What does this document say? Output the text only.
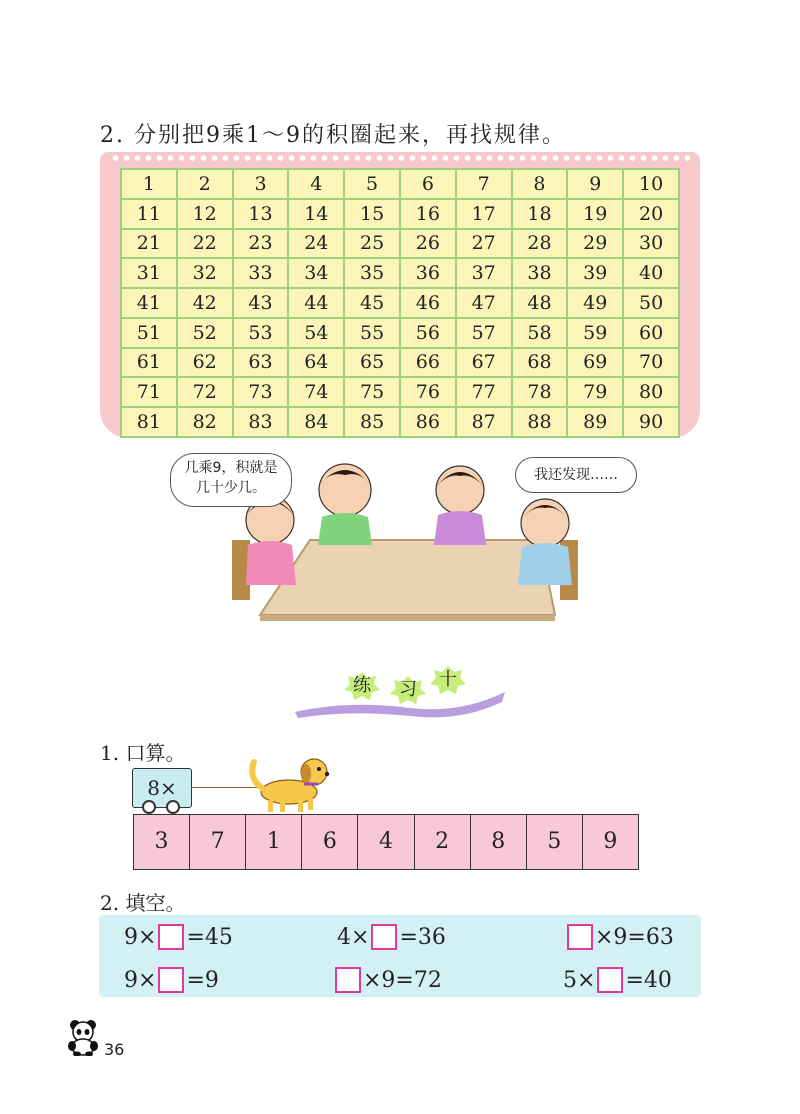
2. 分别把9乘1～9的积圈起来，再找规律。
1	2	3	4	5	6	7	8	9	10
11	12	13	14	15	16	17	18	19	20
21	22	23	24	25	26	27	28	29	30
31	32	33	34	35	36	37	38	39	40
41	42	43	44	45	46	47	48	49	50
51	52	53	54	55	56	57	58	59	60
61	62	63	64	65	66	67	68	69	70
71	72	73	74	75	76	77	78	79	80
81	82	83	84	85	86	87	88	89	90
几乘9，积就是
几十少几。
我还发现……
练 习 十
1. 口算。
8×
3	7	1	6	4	2	8	5	9
2. 填空。
9× =45	4× =36	×9=63
9× =9	×9=72	5× =40
36
